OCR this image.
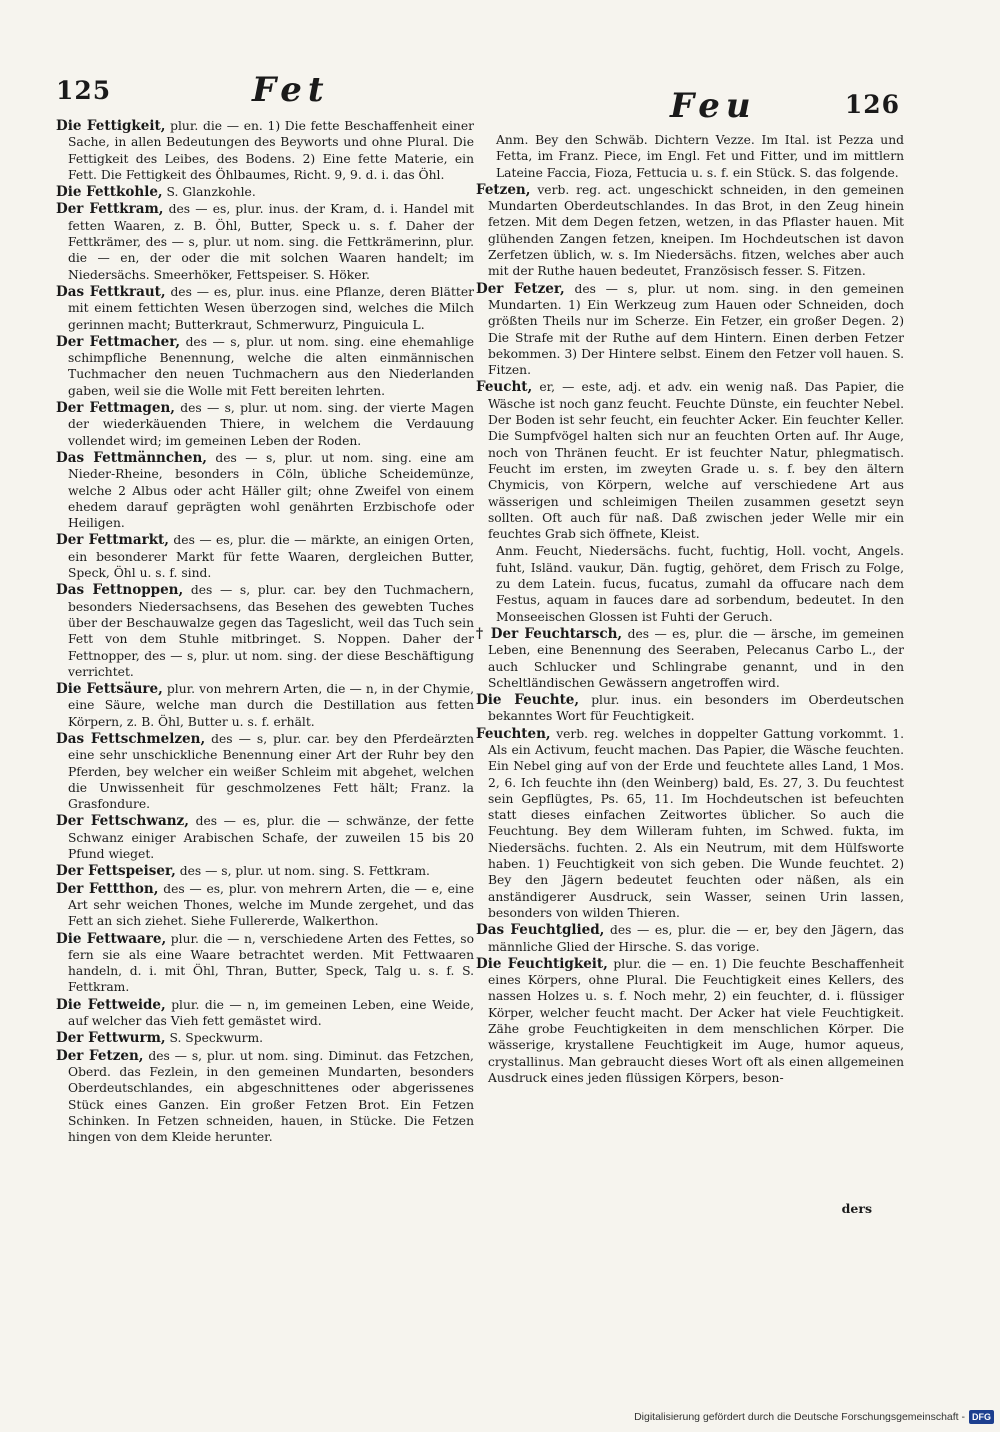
125	Fet	Feu	126

Die Fettigkeit, plur. die — en. 1) Die fette Beschaffenheit einer Sache, in allen Bedeutungen des Beyworts und ohne Plural. Die Fettigkeit des Leibes, des Bodens. 2) Eine fette Materie, ein Fett. Die Fettigkeit des Öhlbaumes, Richt. 9, 9. d. i. das Öhl.

Die Fettkohle, S. Glanzkohle.

Der Fettkram, des — es, plur. inus. der Kram, d. i. Handel mit fetten Waaren, z. B. Öhl, Butter, Speck u. s. f. Daher der Fettkrämer, des — s, plur. ut nom. sing. die Fettkrämerinn, plur. die — en, der oder die mit solchen Waaren handelt; im Niedersächs. Smeerhöker, Fettspeiser. S. Höker.

Das Fettkraut, des — es, plur. inus. eine Pflanze, deren Blätter mit einem fettichten Wesen überzogen sind, welches die Milch gerinnen macht; Butterkraut, Schmerwurz, Pinguicula L.

Der Fettmacher, des — s, plur. ut nom. sing. eine ehemahlige schimpfliche Benennung, welche die alten einmännischen Tuchmacher den neuen Tuchmachern aus den Niederlanden gaben, weil sie die Wolle mit Fett bereiten lehrten.

Der Fettmagen, des — s, plur. ut nom. sing. der vierte Magen der wiederkäuenden Thiere, in welchem die Verdauung vollendet wird; im gemeinen Leben der Roden.

Das Fettmännchen, des — s, plur. ut nom. sing. eine am Nieder-Rheine, besonders in Cöln, übliche Scheidemünze, welche 2 Albus oder acht Häller gilt; ohne Zweifel von einem ehedem darauf geprägten wohl genährten Erzbischofe oder Heiligen.

Der Fettmarkt, des — es, plur. die — märkte, an einigen Orten, ein besonderer Markt für fette Waaren, dergleichen Butter, Speck, Öhl u. s. f. sind.

Das Fettnoppen, des — s, plur. car. bey den Tuchmachern, besonders Niedersachsens, das Besehen des gewebten Tuches über der Beschauwalze gegen das Tageslicht, weil das Tuch sein Fett von dem Stuhle mitbringet. S. Noppen. Daher der Fettnopper, des — s, plur. ut nom. sing. der diese Beschäftigung verrichtet.

Die Fettsäure, plur. von mehrern Arten, die — n, in der Chymie, eine Säure, welche man durch die Destillation aus fetten Körpern, z. B. Öhl, Butter u. s. f. erhält.

Das Fettschmelzen, des — s, plur. car. bey den Pferdeärzten eine sehr unschickliche Benennung einer Art der Ruhr bey den Pferden, bey welcher ein weißer Schleim mit abgehet, welchen die Unwissenheit für geschmolzenes Fett hält; Franz. la Grasfondure.

Der Fettschwanz, des — es, plur. die — schwänze, der fette Schwanz einiger Arabischen Schafe, der zuweilen 15 bis 20 Pfund wieget.

Der Fettspeiser, des — s, plur. ut nom. sing. S. Fettkram.

Der Fettthon, des — es, plur. von mehrern Arten, die — e, eine Art sehr weichen Thones, welche im Munde zergehet, und das Fett an sich ziehet. Siehe Fullererde, Walkerthon.

Die Fettwaare, plur. die — n, verschiedene Arten des Fettes, so fern sie als eine Waare betrachtet werden. Mit Fettwaaren handeln, d. i. mit Öhl, Thran, Butter, Speck, Talg u. s. f. S. Fettkram.

Die Fettweide, plur. die — n, im gemeinen Leben, eine Weide, auf welcher das Vieh fett gemästet wird.

Der Fettwurm, S. Speckwurm.

Der Fetzen, des — s, plur. ut nom. sing. Diminut. das Fetzchen, Oberd. das Fezlein, in den gemeinen Mundarten, besonders Oberdeutschlandes, ein abgeschnittenes oder abgerissenes Stück eines Ganzen. Ein großer Fetzen Brot. Ein Fetzen Schinken. In Fetzen schneiden, hauen, in Stücke. Die Fetzen hingen von dem Kleide herunter.

Anm. Bey den Schwäb. Dichtern Vezze. Im Ital. ist Pezza und Fetta, im Franz. Piece, im Engl. Fet und Fitter, und im mittlern Lateine Faccia, Fioza, Fettucia u. s. f. ein Stück. S. das folgende.

Fetzen, verb. reg. act. ungeschickt schneiden, in den gemeinen Mundarten Oberdeutschlandes. In das Brot, in den Zeug hinein fetzen. Mit dem Degen fetzen, wetzen, in das Pflaster hauen. Mit glühenden Zangen fetzen, kneipen. Im Hochdeutschen ist davon Zerfetzen üblich, w. s. Im Niedersächs. fitzen, welches aber auch mit der Ruthe hauen bedeutet, Französisch fesser. S. Fitzen.

Der Fetzer, des — s, plur. ut nom. sing. in den gemeinen Mundarten. 1) Ein Werkzeug zum Hauen oder Schneiden, doch größten Theils nur im Scherze. Ein Fetzer, ein großer Degen. 2) Die Strafe mit der Ruthe auf dem Hintern. Einen derben Fetzer bekommen. 3) Der Hintere selbst. Einem den Fetzer voll hauen. S. Fitzen.

Feucht, er, — este, adj. et adv. ein wenig naß. Das Papier, die Wäsche ist noch ganz feucht. Feuchte Dünste, ein feuchter Nebel. Der Boden ist sehr feucht, ein feuchter Acker. Ein feuchter Keller. Die Sumpfvögel halten sich nur an feuchten Orten auf. Ihr Auge, noch von Thränen feucht. Er ist feuchter Natur, phlegmatisch. Feucht im ersten, im zweyten Grade u. s. f. bey den ältern Chymicis, von Körpern, welche auf verschiedene Art aus wässerigen und schleimigen Theilen zusammen gesetzt seyn sollten. Oft auch für naß. Daß zwischen jeder Welle mir ein feuchtes Grab sich öffnete, Kleist.

Anm. Feucht, Niedersächs. fucht, fuchtig, Holl. vocht, Angels. fuht, Isländ. vaukur, Dän. fugtig, gehöret, dem Frisch zu Folge, zu dem Latein. fucus, fucatus, zumahl da offucare nach dem Festus, aquam in fauces dare ad sorbendum, bedeutet. In den Monseeischen Glossen ist Fuhti der Geruch.

† Der Feuchtarsch, des — es, plur. die — ärsche, im gemeinen Leben, eine Benennung des Seeraben, Pelecanus Carbo L., der auch Schlucker und Schlingrabe genannt, und in den Scheltländischen Gewässern angetroffen wird.

Die Feuchte, plur. inus. ein besonders im Oberdeutschen bekanntes Wort für Feuchtigkeit.

Feuchten, verb. reg. welches in doppelter Gattung vorkommt. 1. Als ein Activum, feucht machen. Das Papier, die Wäsche feuchten. Ein Nebel ging auf von der Erde und feuchtete alles Land, 1 Mos. 2, 6. Ich feuchte ihn (den Weinberg) bald, Es. 27, 3. Du feuchtest sein Gepflügtes, Ps. 65, 11. Im Hochdeutschen ist befeuchten statt dieses einfachen Zeitwortes üblicher. So auch die Feuchtung. Bey dem Willeram fuhten, im Schwed. fukta, im Niedersächs. fuchten. 2. Als ein Neutrum, mit dem Hülfsworte haben. 1) Feuchtigkeit von sich geben. Die Wunde feuchtet. 2) Bey den Jägern bedeutet feuchten oder näßen, als ein anständigerer Ausdruck, sein Wasser, seinen Urin lassen, besonders von wilden Thieren.

Das Feuchtglied, des — es, plur. die — er, bey den Jägern, das männliche Glied der Hirsche. S. das vorige.

Die Feuchtigkeit, plur. die — en. 1) Die feuchte Beschaffenheit eines Körpers, ohne Plural. Die Feuchtigkeit eines Kellers, des nassen Holzes u. s. f. Noch mehr, 2) ein feuchter, d. i. flüssiger Körper, welcher feucht macht. Der Acker hat viele Feuchtigkeit. Zähe grobe Feuchtigkeiten in dem menschlichen Körper. Die wässerige, krystallene Feuchtigkeit im Auge, humor aqueus, crystallinus. Man gebraucht dieses Wort oft als einen allgemeinen Ausdruck eines jeden flüssigen Körpers, beson-

ders
Digitalisierung gefördert durch die Deutsche Forschungsgemeinschaft - DFG
